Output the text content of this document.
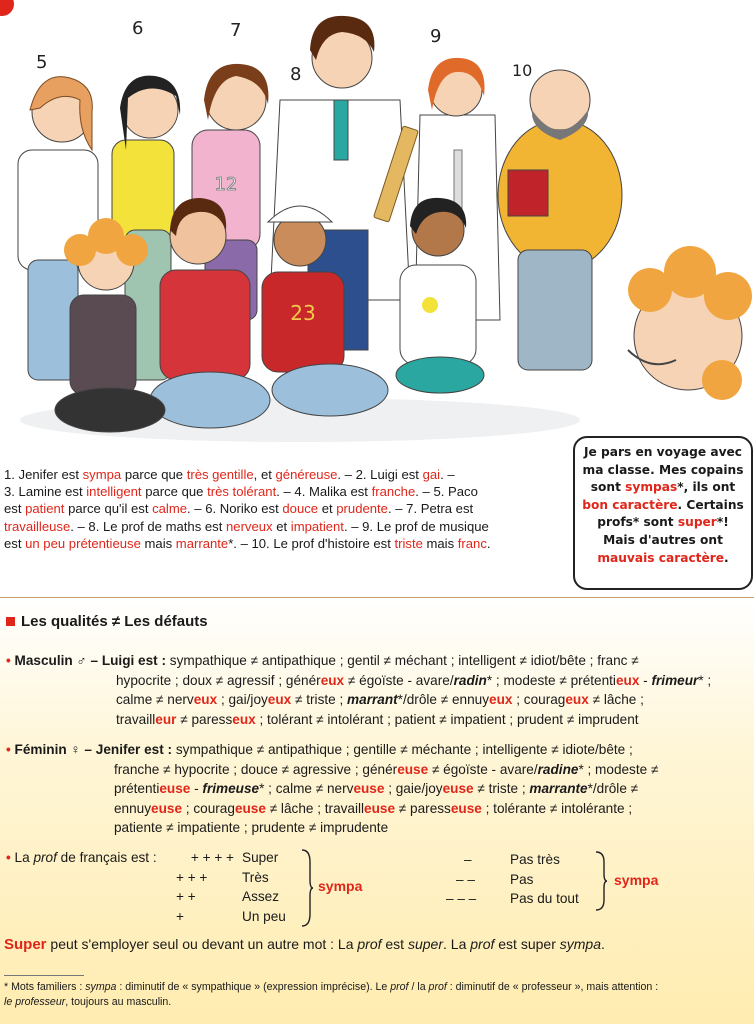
12
23
5
6	7
8
9
10
1. Jenifer est sympa parce que très gentille, et généreuse. – 2. Luigi est gai. –
3. Lamine est intelligent parce que très tolérant. – 4. Malika est franche. – 5. Paco
est patient parce qu'il est calme. – 6. Noriko est douce et prudente. – 7. Petra est
travailleuse. – 8. Le prof de maths est nerveux et impatient. – 9. Le prof de musique
est un peu prétentieuse mais marrante*. – 10. Le prof d'histoire est triste mais franc.
Je pars en voyage avec
ma classe. Mes copains
sont sympas*, ils ont
bon caractère. Certains
profs* sont super*!
Mais d'autres ont
mauvais caractère.
Les qualités ≠ Les défauts
• Masculin ♂ – Luigi est : sympathique ≠ antipathique ; gentil ≠ méchant ; intelligent ≠ idiot/bête ; franc ≠
hypocrite ; doux ≠ agressif ; généreux ≠ égoïste - avare/radin* ; modeste ≠ prétentieux - frimeur* ;
calme ≠ nerveux ; gai/joyeux ≠ triste ; marrant*/drôle ≠ ennuyeux ; courageux ≠ lâche ;
travailleur ≠ paresseux ; tolérant ≠ intolérant ; patient ≠ impatient ; prudent ≠ imprudent
• Féminin ♀ – Jenifer est : sympathique ≠ antipathique ; gentille ≠ méchante ; intelligente ≠ idiote/bête ;
franche ≠ hypocrite ; douce ≠ agressive ; généreuse ≠ égoïste - avare/radine* ; modeste ≠
prétentieuse - frimeuse* ; calme ≠ nerveuse ; gaie/joyeuse ≠ triste ; marrante*/drôle ≠
ennuyeuse ; courageuse ≠ lâche ; travailleuse ≠ paresseuse ; tolérante ≠ intolérante ;
patiente ≠ impatiente ; prudente ≠ imprudente
• La prof de français est :	+ + + +
+ + +
+ +
+
Super
Très
Assez
Un peu
sympa
–
– –
– – –
Pas très
Pas
Pas du tout
sympa
Super peut s'employer seul ou devant un autre mot : La prof est super. La prof est super sympa.
* Mots familiers : sympa : diminutif de « sympathique » (expression imprécise). Le prof / la prof : diminutif de « professeur », mais attention :
le professeur, toujours au masculin.
